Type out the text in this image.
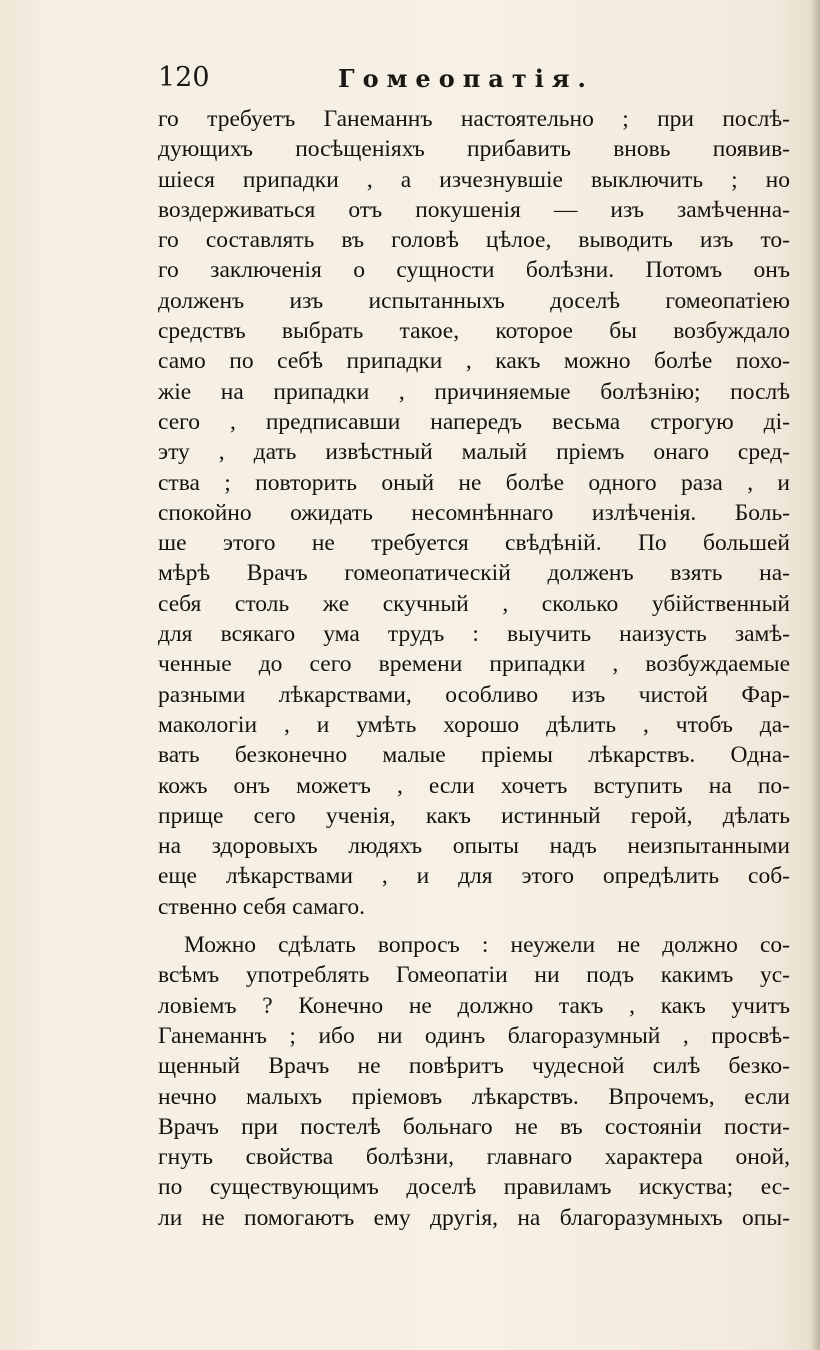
120	Гомеопатія.
го требуетъ Ганеманнъ настоятельно ; при послѣ-
дующихъ посѣщеніяхъ прибавить вновь появив-
шіеся припадки , а изчезнувшіе выключить ; но
воздерживаться отъ покушенія — изъ замѣченна-
го составлять въ головѣ цѣлое, выводить изъ то-
го заключенія о сущности болѣзни. Потомъ онъ
долженъ изъ испытанныхъ доселѣ гомеопатіею
средствъ выбрать такое, которое бы возбуждало
само по себѣ припадки , какъ можно болѣе похо-
жіе на припадки , причиняемые болѣзнію; послѣ
сего , предписавши напередъ весьма строгую ді-
эту , дать извѣстный малый пріемъ онаго сред-
ства ; повторить оный не болѣе одного раза , и
спокойно ожидать несомнѣннаго излѣченія. Боль-
ше этого не требуется свѣдѣній. По большей
мѣрѣ Врачъ гомеопатическій долженъ взять на-
себя столь же скучный , сколько убійственный
для всякаго ума трудъ : выучить наизусть замѣ-
ченные до сего времени припадки , возбуждаемые
разными лѣкарствами, особливо изъ чистой Фар-
макологіи , и умѣть хорошо дѣлить , чтобъ да-
вать безконечно малые пріемы лѣкарствъ. Одна-
кожъ онъ можетъ , если хочетъ вступить на по-
прище сего ученія, какъ истинный герой, дѣлать
на здоровыхъ людяхъ опыты надъ неизпытанными
еще лѣкарствами , и для этого опредѣлить соб-
ственно себя самаго.
Можно сдѣлать вопросъ : неужели не должно со-
всѣмъ употреблять Гомеопатіи ни подъ какимъ ус-
ловіемъ ? Конечно не должно такъ , какъ учитъ
Ганеманнъ ; ибо ни одинъ благоразумный , просвѣ-
щенный Врачъ не повѣритъ чудесной силѣ безко-
нечно малыхъ пріемовъ лѣкарствъ. Впрочемъ, если
Врачъ при постелѣ больнаго не въ состояніи пости-
гнуть свойства болѣзни, главнаго характера оной,
по существующимъ доселѣ правиламъ искуства; ес-
ли не помогаютъ ему другія, на благоразумныхъ опы-
